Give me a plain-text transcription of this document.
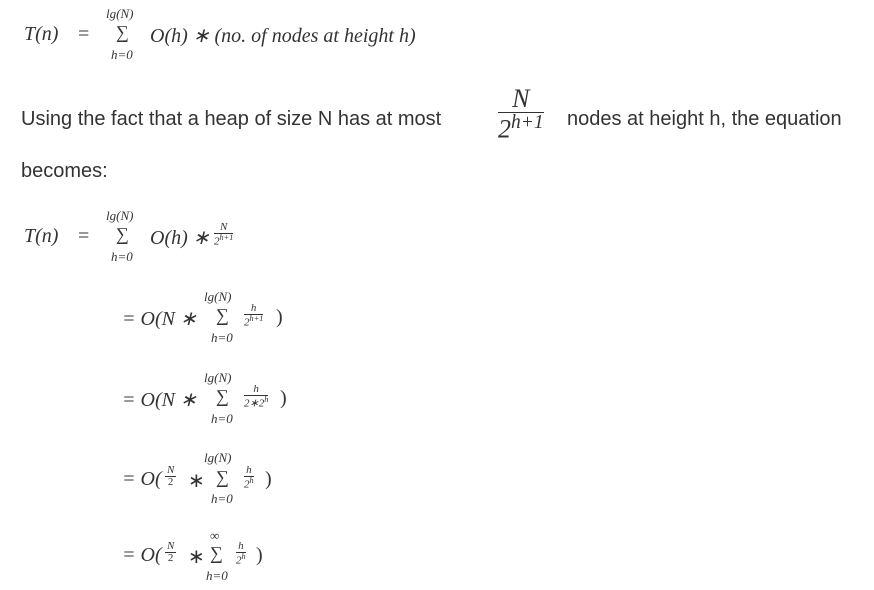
T(n) =
lg(N)
∑
h=0
O(h) ∗ (no. of nodes at height h)
Using the fact that a heap of size N has at most $\frac{N}{2^{h+1}}$ nodes at height h, the equation
becomes:
T(n) =
lg(N)
∑
h=0
O(h) ∗ $\frac{N}{2^{h+1}}$
= O(N ∗
lg(N)
∑
h=0
$\frac{h}{2^{h+1}}$ )
= O(N ∗
lg(N)
∑
h=0
$\frac{h}{2∗2^h}$ )
= $O( \frac{N}{2}$ ∗
lg(N)
∑
h=0
$\frac{h}{2^h}$ )
= $O( \frac{N}{2}$ ∗
∞
∑
h=0
$\frac{h}{2^h}$ )
